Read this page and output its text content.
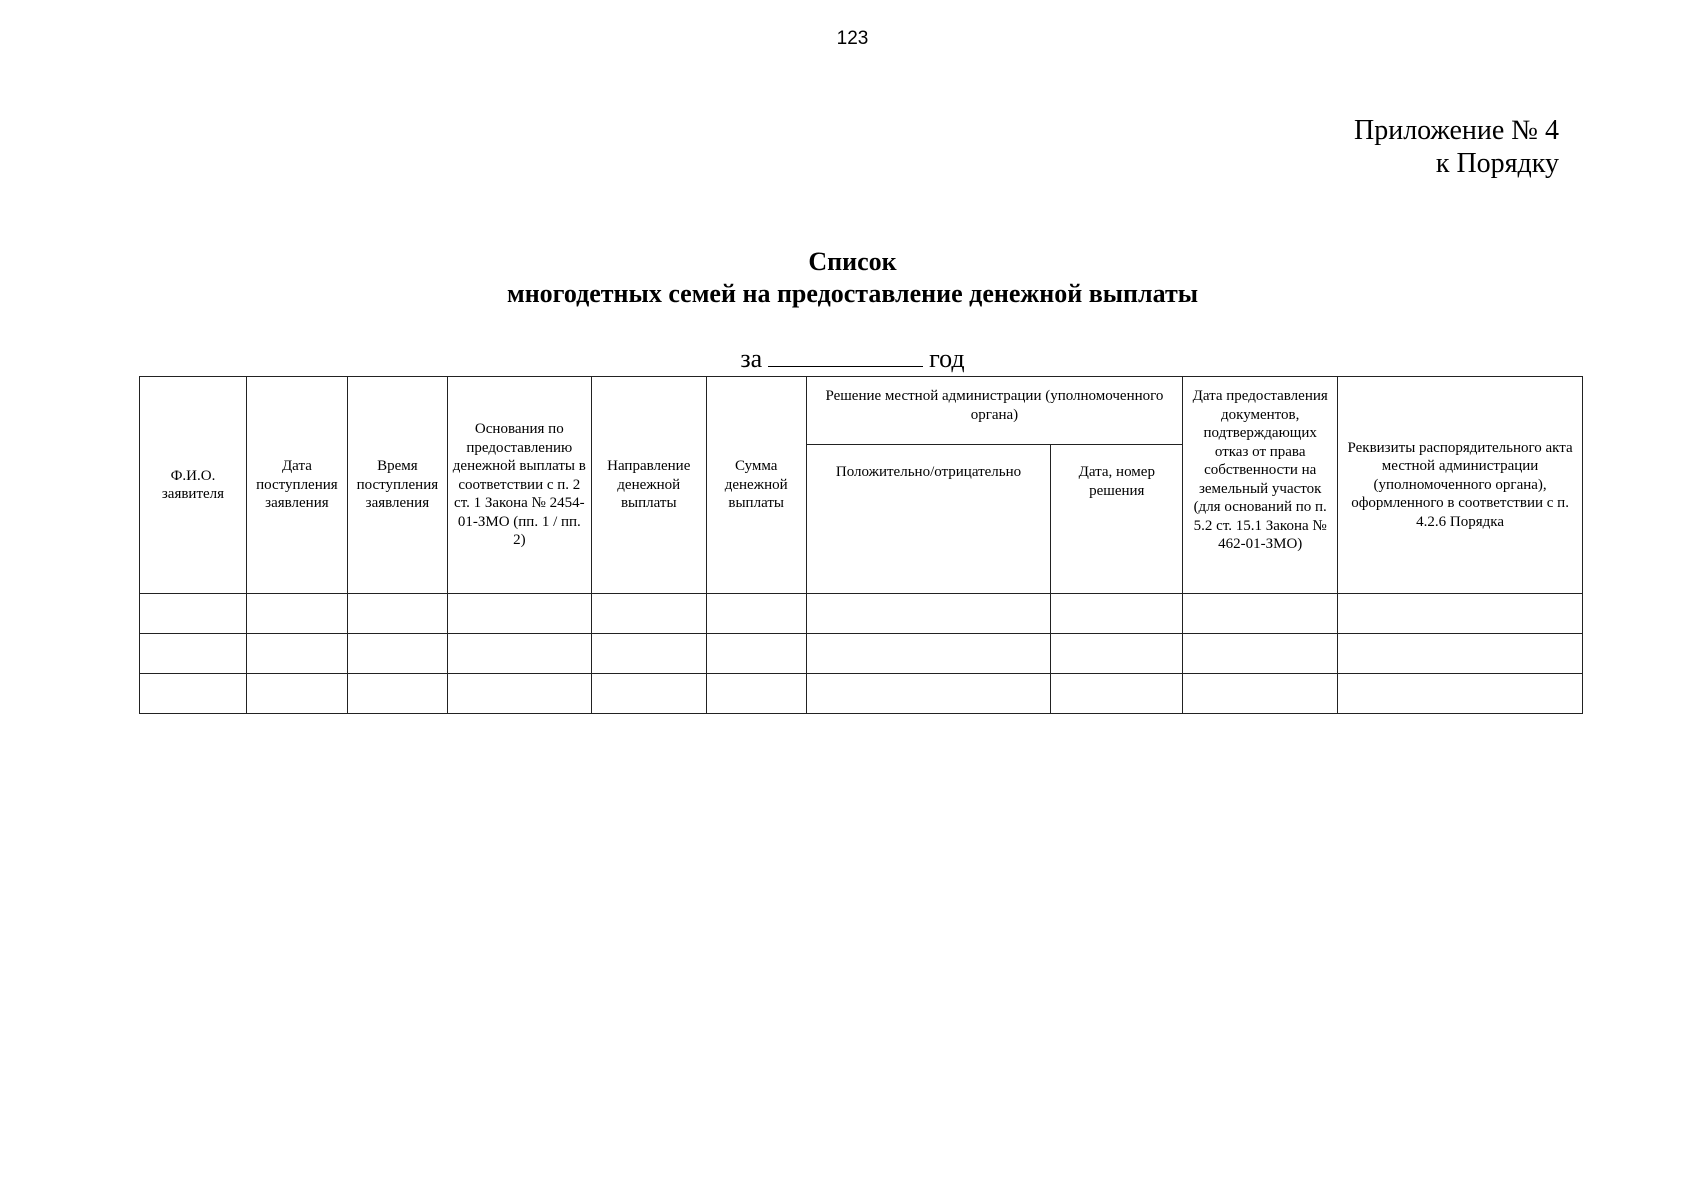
123
Приложение № 4
к Порядку
Список
многодетных семей на предоставление денежной выплаты
за	год
Ф.И.О. заявителя	Дата поступления заявления	Время поступления заявления	Основания по предоставлению денежной выплаты в соответствии с п. 2 ст. 1 Закона № 2454-01-ЗМО (пп. 1 / пп. 2)	Направление денежной выплаты	Сумма денежной выплаты	Решение местной администрации (уполномоченного органа)		Дата предоставления документов, подтверждающих отказ от права собственности на земельный участок (для оснований по п. 5.2 ст. 15.1 Закона № 462-01-ЗМО)	Реквизиты распорядительного акта местной администрации (уполномоченного органа), оформленного в соответствии с п. 4.2.6 Порядка
						Положительно/отрицательно	Дата, номер решения		
